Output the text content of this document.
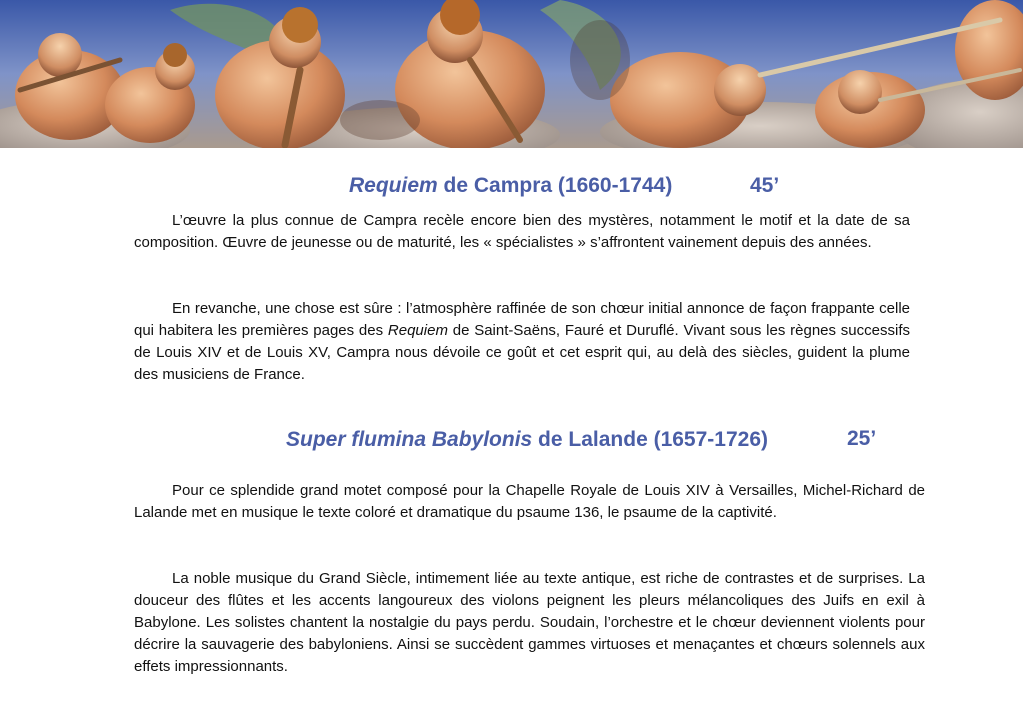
Requiem de Campra (1660-1744)	45’

L’œuvre la plus connue de Campra recèle encore bien des mystères, notamment le motif et la date de sa composition. Œuvre de jeunesse ou de maturité, les « spécialistes » s’affrontent vainement depuis des années.

En revanche, une chose est sûre : l’atmosphère raffinée de son chœur initial annonce de façon frappante celle qui habitera les premières pages des Requiem de Saint-Saëns, Fauré et Duruflé. Vivant sous les règnes successifs de Louis XIV et de Louis XV, Campra nous dévoile ce goût et cet esprit qui, au delà des siècles, guident la plume des musiciens de France.

Super flumina Babylonis de Lalande (1657-1726)	25’

Pour ce splendide grand motet composé pour la Chapelle Royale de Louis XIV à Versailles, Michel-Richard de Lalande met en musique le texte coloré et dramatique du psaume 136, le psaume de la captivité.

La noble musique du Grand Siècle, intimement liée au texte antique, est riche de contrastes et de surprises. La douceur des flûtes et les accents langoureux des violons peignent les pleurs mélancoliques des Juifs en exil à Babylone. Les solistes chantent la nostalgie du pays perdu. Soudain, l’orchestre et le chœur deviennent violents pour décrire la sauvagerie des babyloniens. Ainsi se succèdent gammes virtuoses et menaçantes et chœurs solennels aux effets impressionnants.
